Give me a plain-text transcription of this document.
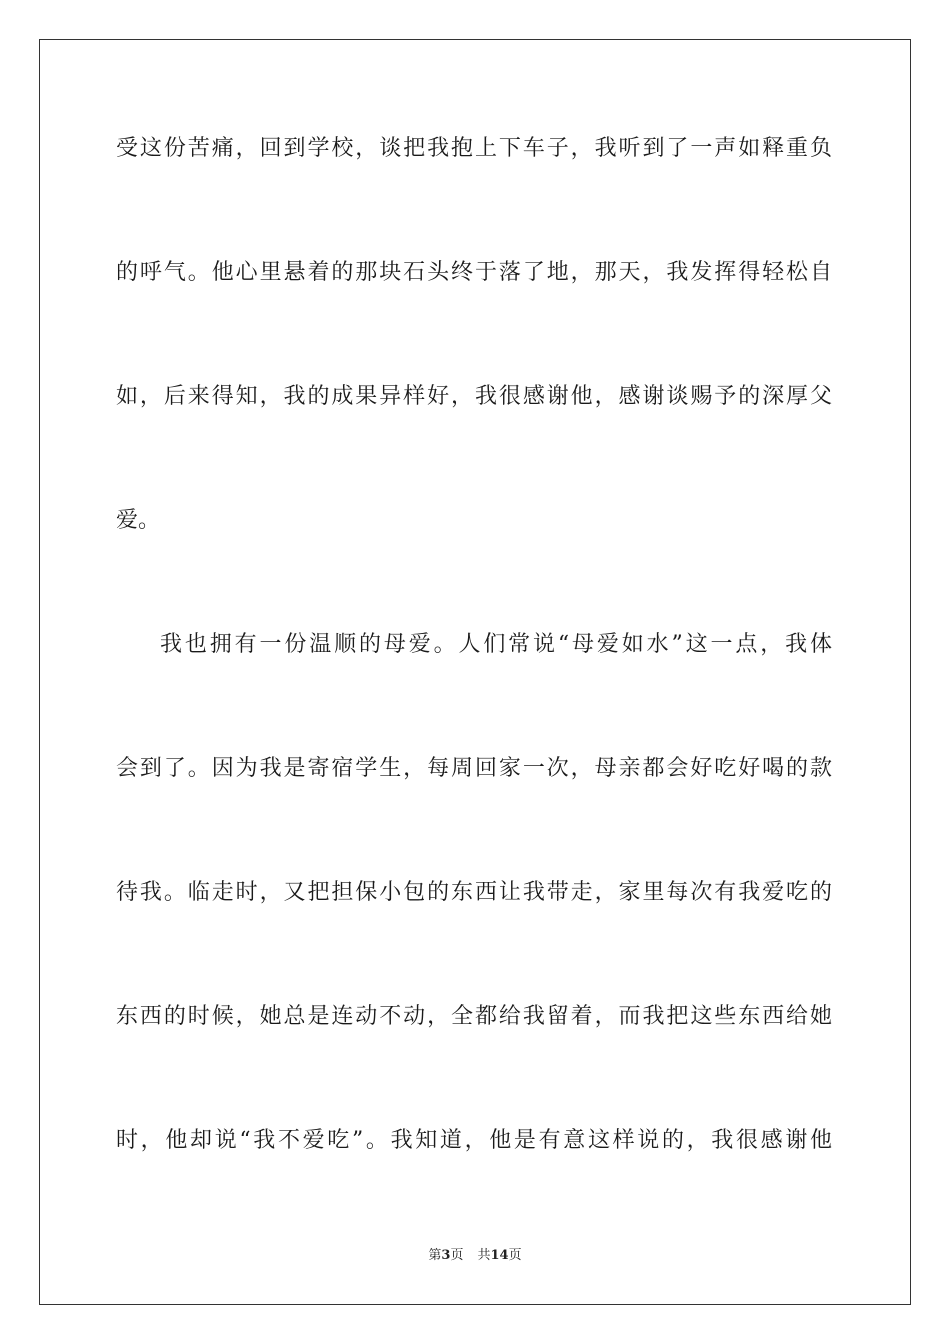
受这份苦痛，回到学校，谈把我抱上下车子，我听到了一声如释重负
的呼气。他心里悬着的那块石头终于落了地，那天，我发挥得轻松自
如，后来得知，我的成果异样好，我很感谢他，感谢谈赐予的深厚父
爱。
我也拥有一份温顺的母爱。人们常说“母爱如水”这一点，我体
会到了。因为我是寄宿学生，每周回家一次，母亲都会好吃好喝的款
待我。临走时，又把担保小包的东西让我带走，家里每次有我爱吃的
东西的时候，她总是连动不动，全都给我留着，而我把这些东西给她
时，他却说“我不爱吃”。我知道，他是有意这样说的，我很感谢他
第3页 共14页
